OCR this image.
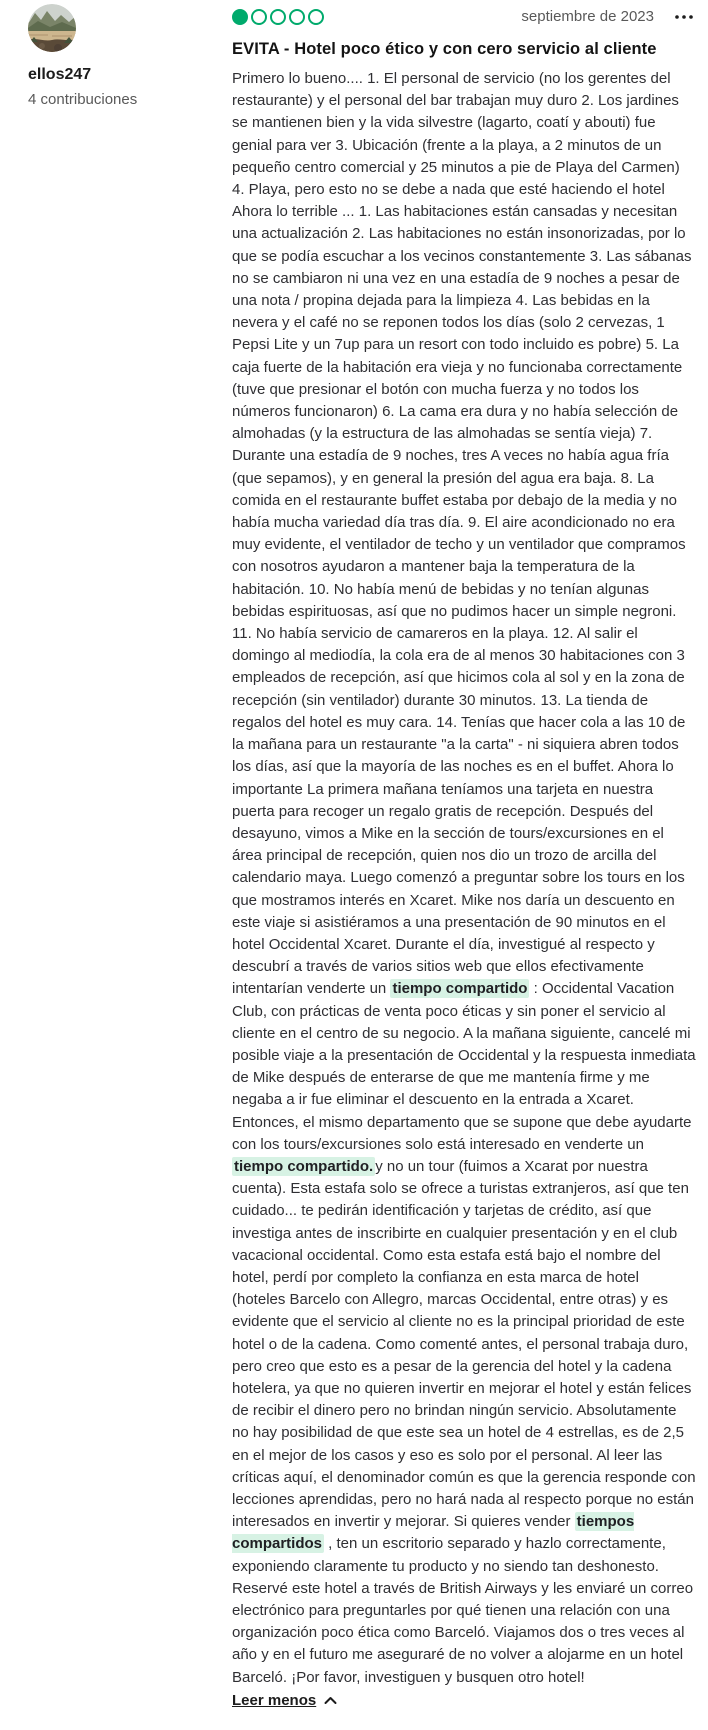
ellos247
4 contribuciones
septiembre de 2023
EVITA - Hotel poco ético y con cero servicio al cliente

Primero lo bueno.... 1. El personal de servicio (no los gerentes del restaurante) y el personal del bar trabajan muy duro 2. Los jardines se mantienen bien y la vida silvestre (lagarto, coatí y abouti) fue genial para ver 3. Ubicación (frente a la playa, a 2 minutos de un pequeño centro comercial y 25 minutos a pie de Playa del Carmen) 4. Playa, pero esto no se debe a nada que esté haciendo el hotel Ahora lo terrible ... 1. Las habitaciones están cansadas y necesitan una actualización 2. Las habitaciones no están insonorizadas, por lo que se podía escuchar a los vecinos constantemente 3. Las sábanas no se cambiaron ni una vez en una estadía de 9 noches a pesar de una nota / propina dejada para la limpieza 4. Las bebidas en la nevera y el café no se reponen todos los días (solo 2 cervezas, 1 Pepsi Lite y un 7up para un resort con todo incluido es pobre) 5. La caja fuerte de la habitación era vieja y no funcionaba correctamente (tuve que presionar el botón con mucha fuerza y no todos los números funcionaron) 6. La cama era dura y no había selección de almohadas (y la estructura de las almohadas se sentía vieja) 7. Durante una estadía de 9 noches, tres A veces no había agua fría (que sepamos), y en general la presión del agua era baja. 8. La comida en el restaurante buffet estaba por debajo de la media y no había mucha variedad día tras día. 9. El aire acondicionado no era muy evidente, el ventilador de techo y un ventilador que compramos con nosotros ayudaron a mantener baja la temperatura de la habitación. 10. No había menú de bebidas y no tenían algunas bebidas espirituosas, así que no pudimos hacer un simple negroni. 11. No había servicio de camareros en la playa. 12. Al salir el domingo al mediodía, la cola era de al menos 30 habitaciones con 3 empleados de recepción, así que hicimos cola al sol y en la zona de recepción (sin ventilador) durante 30 minutos. 13. La tienda de regalos del hotel es muy cara. 14. Tenías que hacer cola a las 10 de la mañana para un restaurante "a la carta" - ni siquiera abren todos los días, así que la mayoría de las noches es en el buffet. Ahora lo importante La primera mañana teníamos una tarjeta en nuestra puerta para recoger un regalo gratis de recepción. Después del desayuno, vimos a Mike en la sección de tours/excursiones en el área principal de recepción, quien nos dio un trozo de arcilla del calendario maya. Luego comenzó a preguntar sobre los tours en los que mostramos interés en Xcaret. Mike nos daría un descuento en este viaje si asistiéramos a una presentación de 90 minutos en el hotel Occidental Xcaret. Durante el día, investigué al respecto y descubrí a través de varios sitios web que ellos efectivamente intentarían venderte un tiempo compartido : Occidental Vacation Club, con prácticas de venta poco éticas y sin poner el servicio al cliente en el centro de su negocio. A la mañana siguiente, cancelé mi posible viaje a la presentación de Occidental y la respuesta inmediata de Mike después de enterarse de que me mantenía firme y me negaba a ir fue eliminar el descuento en la entrada a Xcaret. Entonces, el mismo departamento que se supone que debe ayudarte con los tours/excursiones solo está interesado en venderte un tiempo compartido. y no un tour (fuimos a Xcarat por nuestra cuenta). Esta estafa solo se ofrece a turistas extranjeros, así que ten cuidado... te pedirán identificación y tarjetas de crédito, así que investiga antes de inscribirte en cualquier presentación y en el club vacacional occidental. Como esta estafa está bajo el nombre del hotel, perdí por completo la confianza en esta marca de hotel (hoteles Barcelo con Allegro, marcas Occidental, entre otras) y es evidente que el servicio al cliente no es la principal prioridad de este hotel o de la cadena. Como comenté antes, el personal trabaja duro, pero creo que esto es a pesar de la gerencia del hotel y la cadena hotelera, ya que no quieren invertir en mejorar el hotel y están felices de recibir el dinero pero no brindan ningún servicio. Absolutamente no hay posibilidad de que este sea un hotel de 4 estrellas, es de 2,5 en el mejor de los casos y eso es solo por el personal. Al leer las críticas aquí, el denominador común es que la gerencia responde con lecciones aprendidas, pero no hará nada al respecto porque no están interesados en invertir y mejorar. Si quieres vender tiempos compartidos , ten un escritorio separado y hazlo correctamente, exponiendo claramente tu producto y no siendo tan deshonesto. Reservé este hotel a través de British Airways y les enviaré un correo electrónico para preguntarles por qué tienen una relación con una organización poco ética como Barceló. Viajamos dos o tres veces al año y en el futuro me aseguraré de no volver a alojarme en un hotel Barceló. ¡Por favor, investiguen y busquen otro hotel!

Leer menos
